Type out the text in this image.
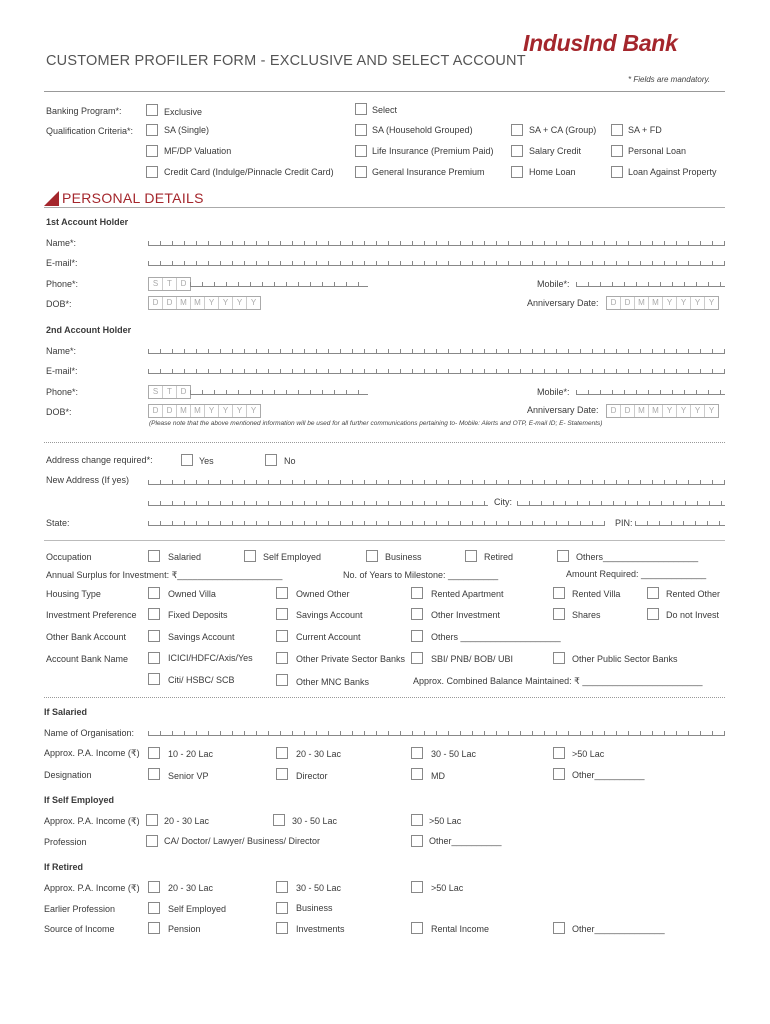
CUSTOMER PROFILER FORM - EXCLUSIVE AND SELECT ACCOUNT
IndusInd Bank
* Fields are mandatory.
Banking Program*:	Exclusive	Select
Qualification Criteria*:	SA (Single)	SA (Household Grouped)	SA + CA (Group)	SA + FD
MF/DP Valuation	Life Insurance (Premium Paid)	Salary Credit	Personal Loan
Credit Card (Indulge/Pinnacle Credit Card)	General Insurance Premium	Home Loan	Loan Against Property
PERSONAL DETAILS
1st Account Holder
Name*:
E-mail*:
Phone*:	S	T	D	Mobile*:
DOB*:	D	D M M	Y	Y	Y	Y	Anniversary Date:	D	D M M	Y	Y	Y	Y
2nd Account Holder
Name*:
E-mail*:
Phone*:	S	T	D	Mobile*:
DOB*:	D	D M M	Y	Y	Y	Y	Anniversary Date:	D	D M M	Y	Y	Y	Y
(Please note that the above mentioned information will be used for all further communications pertaining to- Mobile: Alerts and OTP, E-mail ID; E- Statements)
Address change required*:	Yes	No
New Address (If yes)
City:
State:	PIN:
Occupation	Salaried	Self Employed	Business	Retired	Others___________________
Annual Surplus for Investment: ₹_____________________	No. of Years to Milestone: __________	Amount Required: _____________
Housing Type	Owned Villa	Owned Other	Rented Apartment	Rented Villa	Rented Other
Investment Preference	Fixed Deposits	Savings Account	Other Investment	Shares	Do not Invest
Other Bank Account	Savings Account	Current Account	Others ____________________
Account Bank Name	ICICI/HDFC/Axis/Yes	Other Private Sector Banks	SBI/ PNB/ BOB/ UBI	Other Public Sector Banks
Citi/ HSBC/ SCB	Other MNC Banks	Approx. Combined Balance Maintained: ₹ ________________________
If Salaried
Name of Organisation:
Approx. P.A. Income (₹)	10 - 20 Lac	20 - 30 Lac	30 - 50 Lac	>50 Lac
Designation	Senior VP	Director	MD	Other__________
If Self Employed
Approx. P.A. Income (₹)	20 - 30 Lac	30 - 50 Lac	>50 Lac
Profession	CA/ Doctor/ Lawyer/ Business/ Director	Other__________
If Retired
Approx. P.A. Income (₹)	20 - 30 Lac	30 - 50 Lac	>50 Lac
Earlier Profession	Self Employed	Business
Source of Income	Pension	Investments	Rental Income	Other______________
